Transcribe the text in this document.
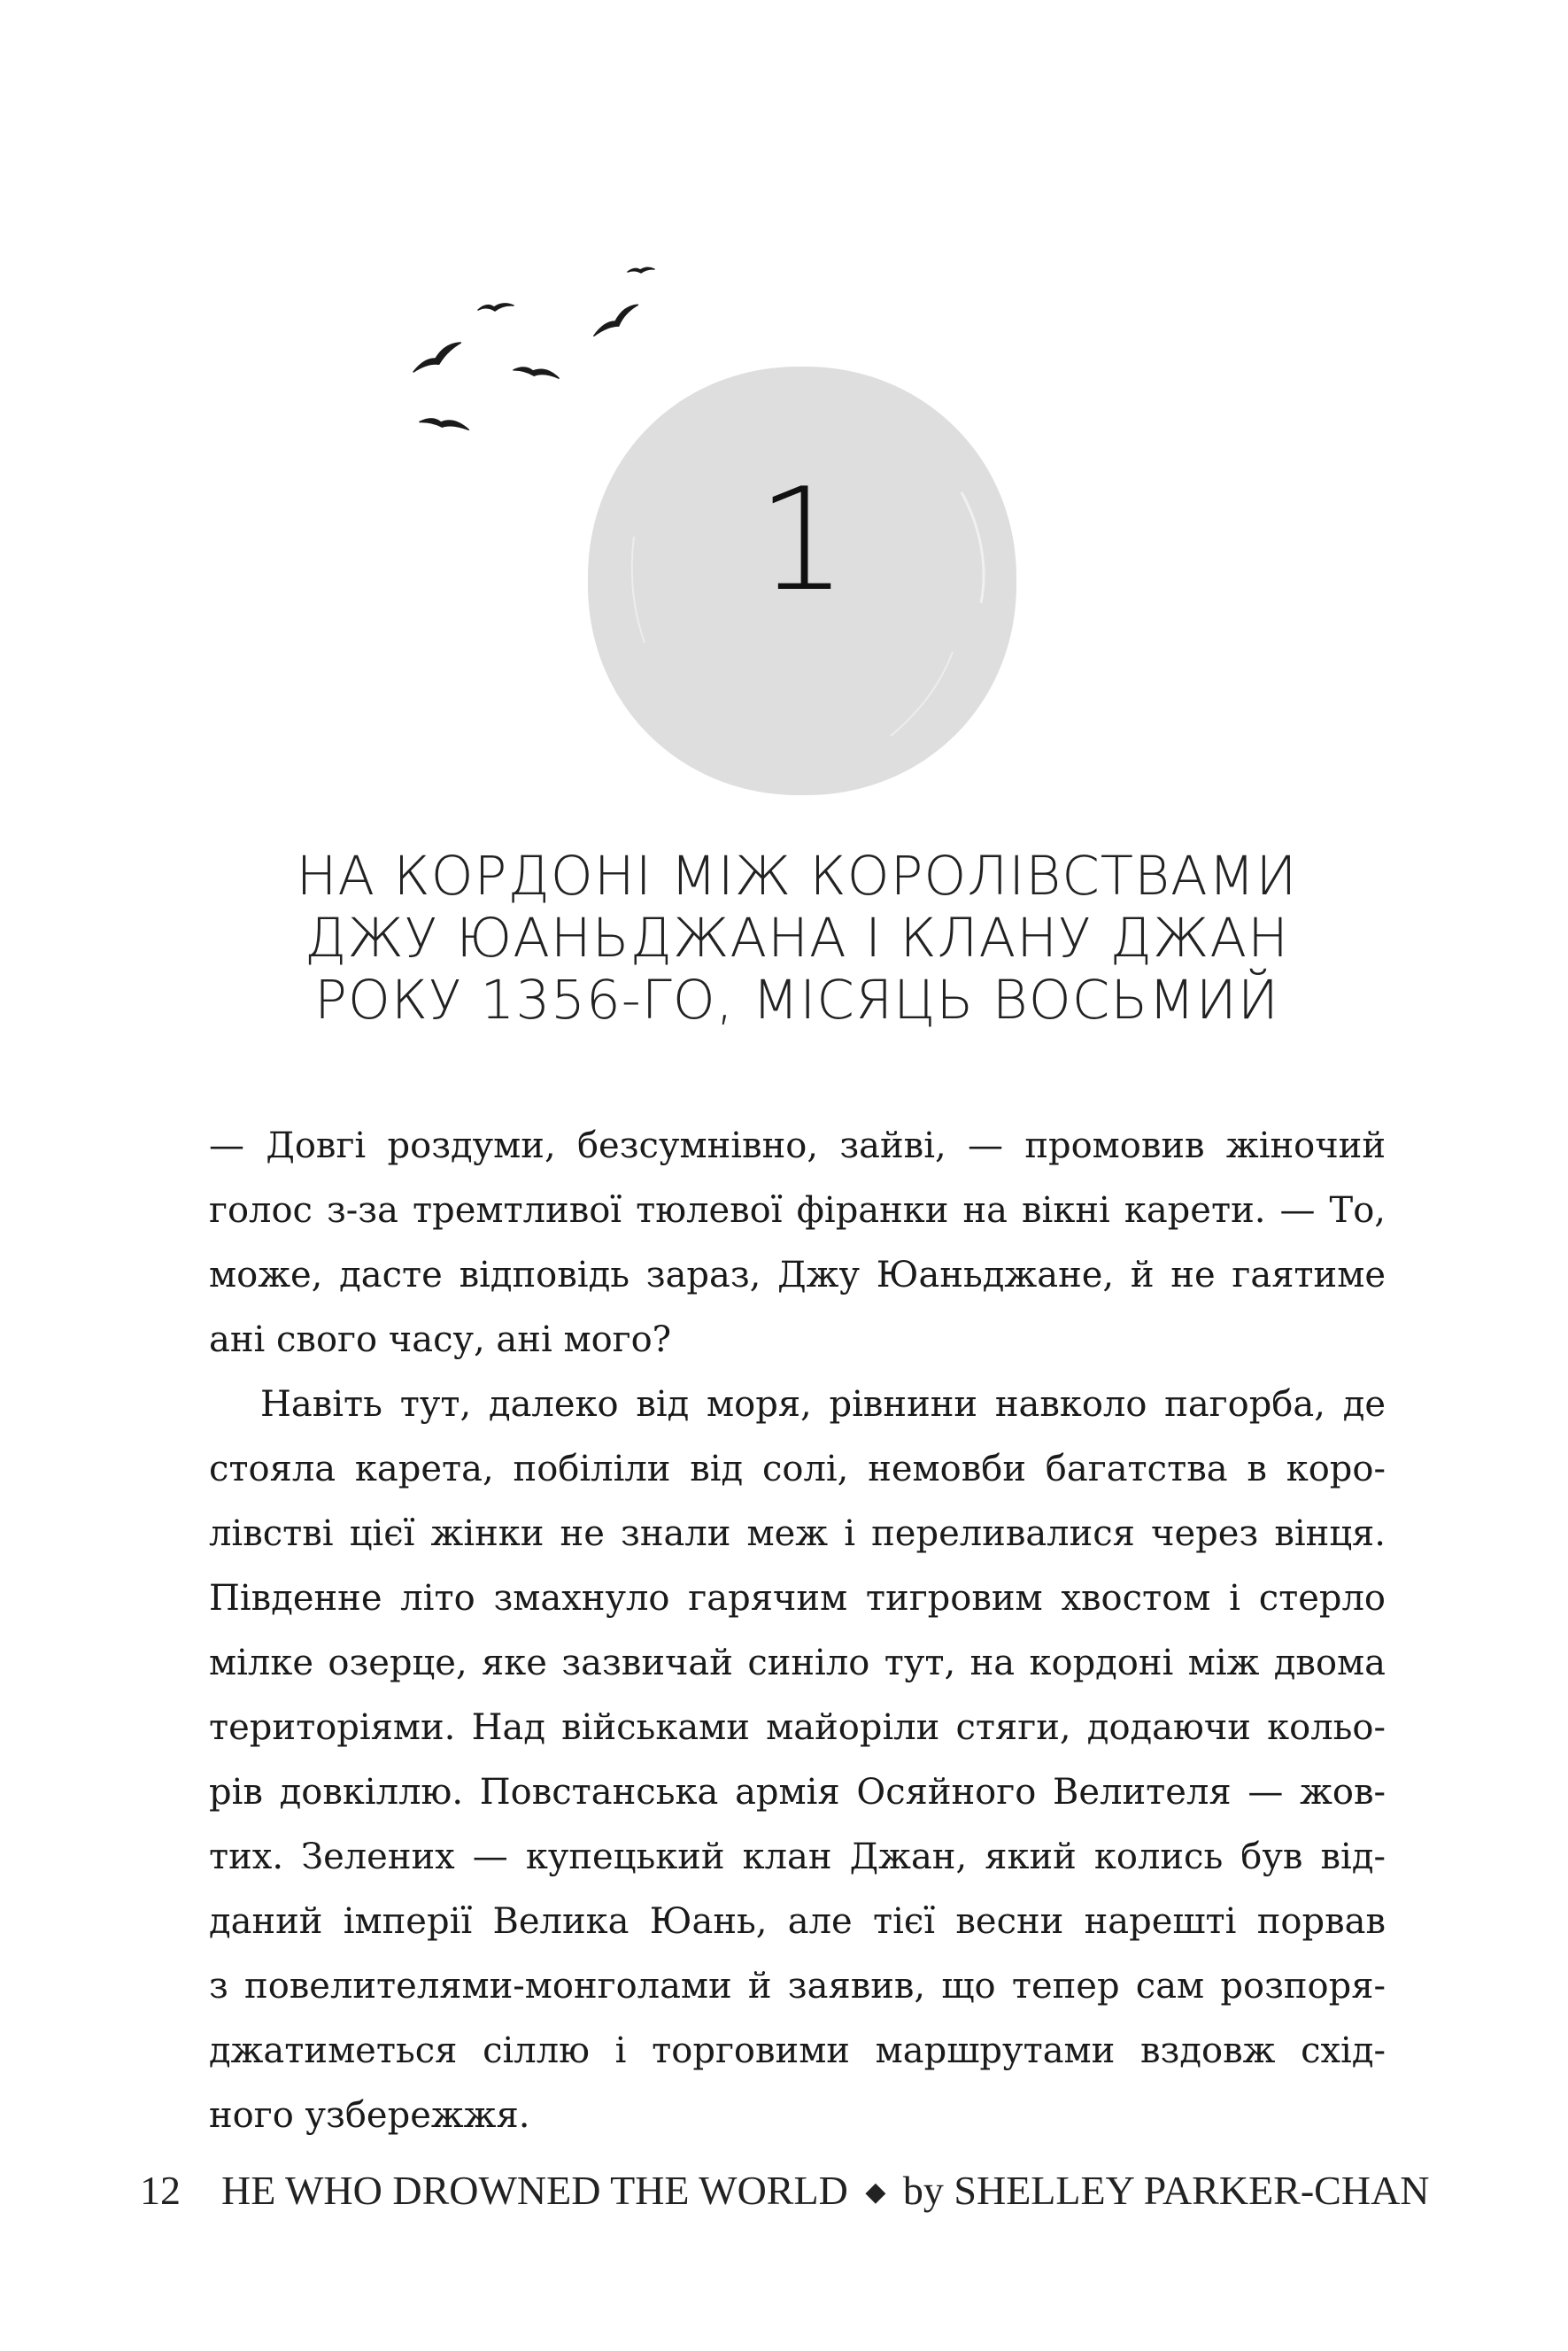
1
НА КОРДОНІ МІЖ КОРОЛІВСТВАМИ
ДЖУ ЮАНЬДЖАНА І КЛАНУ ДЖАН
РОКУ 1356-ГО, МІСЯЦЬ ВОСЬМИЙ
— Довгі роздуми, безсумнівно, зайві, — промовив жіночий
голос з-за тремтливої тюлевої фіранки на вікні карети. — То,
може, дасте відповідь зараз, Джу Юаньджане, й не гаятиме
ані свого часу, ані мого?
Навіть тут, далеко від моря, рівнини навколо пагорба, де
стояла карета, побіліли від солі, немовби багатства в коро-
лівстві цієї жінки не знали меж і переливалися через вінця.
Південне літо змахнуло гарячим тигровим хвостом і стерло
мілке озерце, яке зазвичай синіло тут, на кордоні між двома
територіями. Над військами майоріли стяги, додаючи кольо-
рів довкіллю. Повстанська армія Осяйного Велителя — жов-
тих. Зелених — купецький клан Джан, який колись був від-
даний імперії Велика Юань, але тієї весни нарешті порвав
з повелителями-монголами й заявив, що тепер сам розпоря-
джатиметься сіллю і торговими маршрутами вздовж схід-
ного узбережжя.
12 HE WHO DROWNED THE WORLD ◆ by SHELLEY PARKER-CHAN
